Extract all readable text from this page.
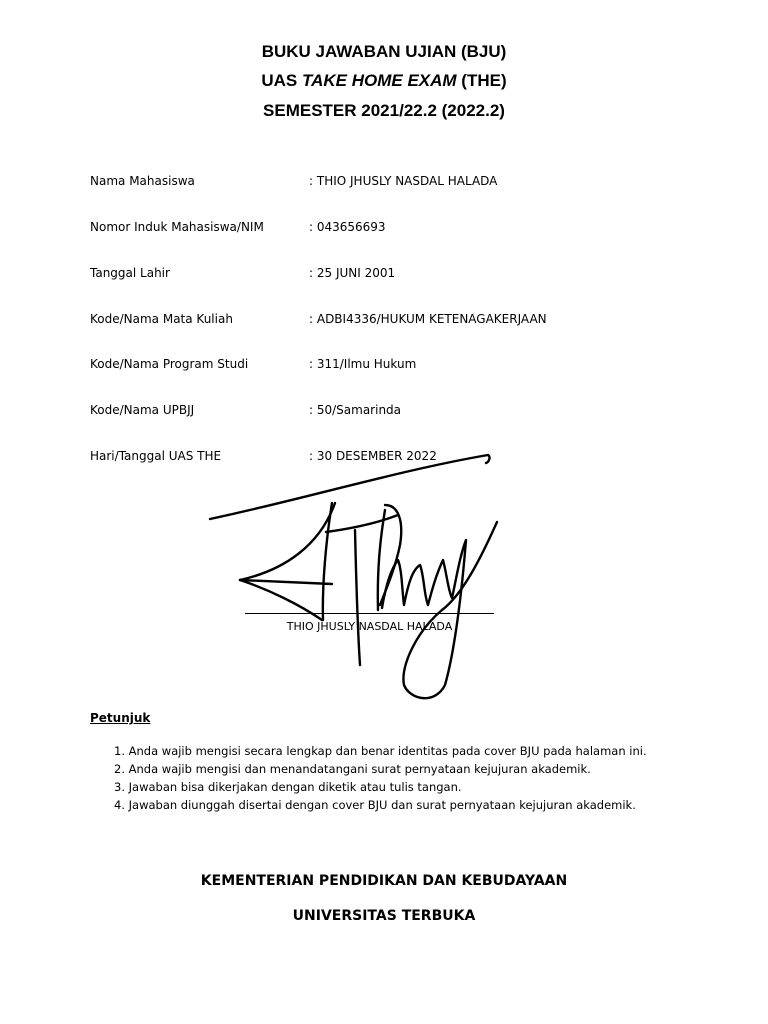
BUKU JAWABAN UJIAN (BJU)
UAS TAKE HOME EXAM (THE)
SEMESTER 2021/22.2 (2022.2)
Nama Mahasiswa	: THIO JHUSLY NASDAL HALADA
Nomor Induk Mahasiswa/NIM	: 043656693
Tanggal Lahir	: 25 JUNI 2001
Kode/Nama Mata Kuliah	: ADBI4336/HUKUM KETENAGAKERJAAN
Kode/Nama Program Studi	: 311/Ilmu Hukum
Kode/Nama UPBJJ	: 50/Samarinda
Hari/Tanggal UAS THE	: 30 DESEMBER 2022
THIO JHUSLY NASDAL HALADA
Petunjuk
1. Anda wajib mengisi secara lengkap dan benar identitas pada cover BJU pada halaman ini.
2. Anda wajib mengisi dan menandatangani surat pernyataan kejujuran akademik.
3. Jawaban bisa dikerjakan dengan diketik atau tulis tangan.
4. Jawaban diunggah disertai dengan cover BJU dan surat pernyataan kejujuran akademik.
KEMENTERIAN PENDIDIKAN DAN KEBUDAYAAN
UNIVERSITAS TERBUKA
